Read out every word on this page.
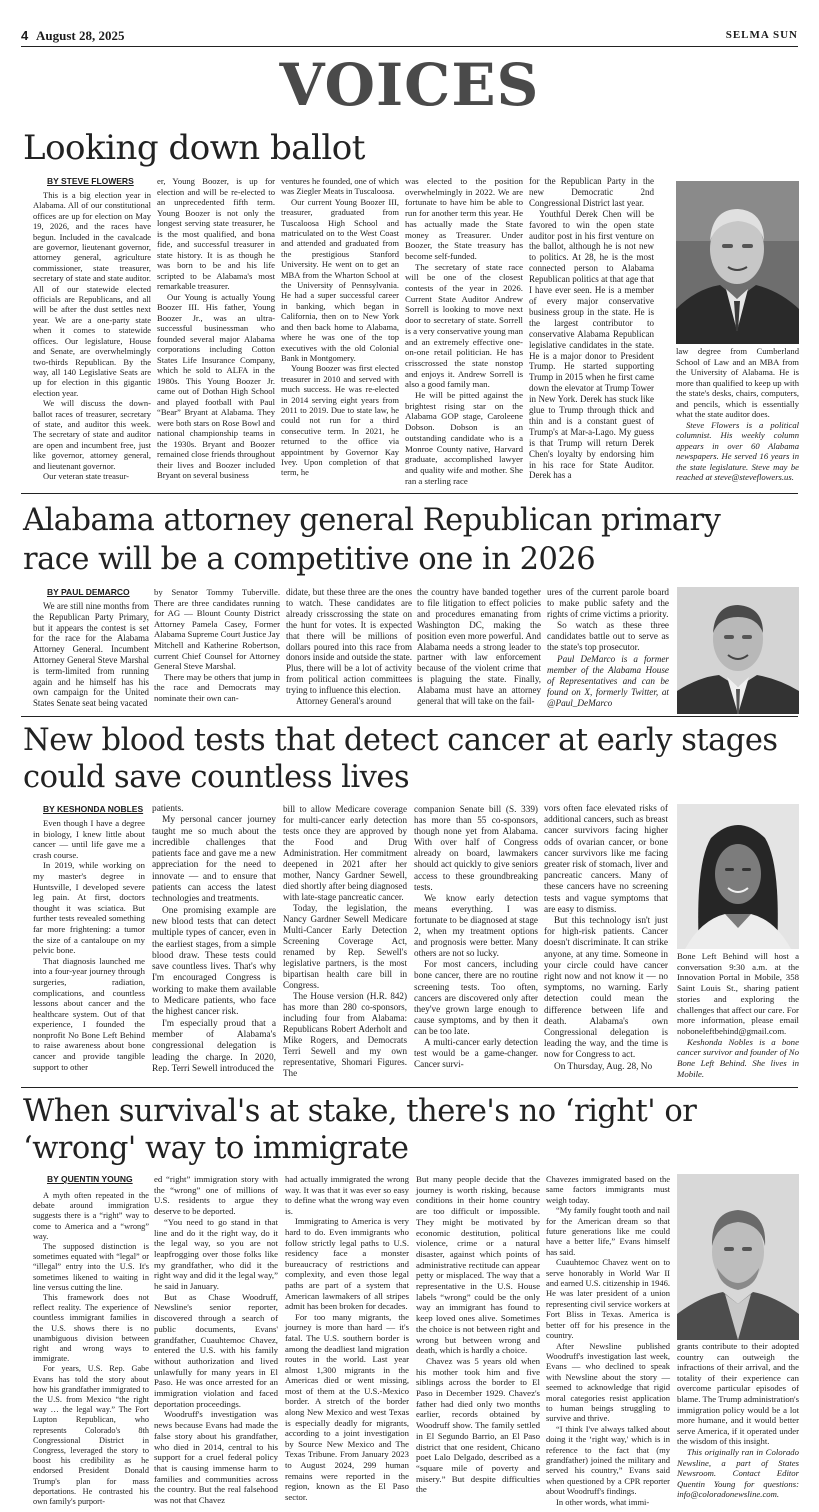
4 August 28, 2025	SELMA SUN
VOICES
Looking down ballot
BY STEVE FLOWERS

This is a big election year in Alabama. All of our constitutional offices are up for election on May 19, 2026, and the races have begun. Included in the cavalcade are governor, lieutenant governor, attorney general, agriculture commissioner, state treasurer, secretary of state and state auditor. All of our statewide elected officials are Republicans, and all will be after the dust settles next year. We are a one-party state when it comes to statewide offices. Our legislature, House and Senate, are overwhelmingly two-thirds Republican. By the way, all 140 Legislative Seats are up for election in this gigantic election year.

We will discuss the down-ballot races of treasurer, secretary of state, and auditor this week. The secretary of state and auditor are open and incumbent free, just like governor, attorney general, and lieutenant governor.

Our veteran state treasur-

er, Young Boozer, is up for election and will be re-elected to an unprecedented fifth term. Young Boozer is not only the longest serving state treasurer, he is the most qualified, and bona fide, and successful treasurer in state history. It is as though he was born to be and his life scripted to be Alabama's most remarkable treasurer.

Our Young is actually Young Boozer III. His father, Young Boozer Jr., was an ultra-successful businessman who founded several major Alabama corporations including Cotton States Life Insurance Company, which he sold to ALFA in the 1980s. This Young Boozer Jr. came out of Dothan High School and played football with Paul “Bear” Bryant at Alabama. They were both stars on Rose Bowl and national championship teams in the 1930s. Bryant and Boozer remained close friends throughout their lives and Boozer included Bryant on several business

ventures he founded, one of which was Ziegler Meats in Tuscaloosa.

Our current Young Boozer III, treasurer, graduated from Tuscaloosa High School and matriculated on to the West Coast and attended and graduated from the prestigious Stanford University. He went on to get an MBA from the Wharton School at the University of Pennsylvania. He had a super successful career in banking, which began in California, then on to New York and then back home to Alabama, where he was one of the top executives with the old Colonial Bank in Montgomery.

Young Boozer was first elected treasurer in 2010 and served with much success. He was re-elected in 2014 serving eight years from 2011 to 2019. Due to state law, he could not run for a third consecutive term. In 2021, he returned to the office via appointment by Governor Kay Ivey. Upon completion of that term, he

was elected to the position overwhelmingly in 2022. We are fortunate to have him be able to run for another term this year. He has actually made the State money as Treasurer. Under Boozer, the State treasury has become self-funded.

The secretary of state race will be one of the closest contests of the year in 2026. Current State Auditor Andrew Sorrell is looking to move next door to secretary of state. Sorrell is a very conservative young man and an extremely effective one-on-one retail politician. He has crisscrossed the state nonstop and enjoys it. Andrew Sorrell is also a good family man.

He will be pitted against the brightest rising star on the Alabama GOP stage, Caroleene Dobson. Dobson is an outstanding candidate who is a Monroe County native, Harvard graduate, accomplished lawyer and quality wife and mother. She ran a sterling race

for the Republican Party in the new Democratic 2nd Congressional District last year.

Youthful Derek Chen will be favored to win the open state auditor post in his first venture on the ballot, although he is not new to politics. At 28, he is the most connected person to Alabama Republican politics at that age that I have ever seen. He is a member of every major conservative business group in the state. He is the largest contributor to conservative Alabama Republican legislative candidates in the state. He is a major donor to President Trump. He started supporting Trump in 2015 when he first came down the elevator at Trump Tower in New York. Derek has stuck like glue to Trump through thick and thin and is a constant guest of Trump's at Mar-a-Lago. My guess is that Trump will return Derek Chen's loyalty by endorsing him in his race for State Auditor. Derek has a

law degree from Cumberland School of Law and an MBA from the University of Alabama. He is more than qualified to keep up with the state's desks, chairs, computers, and pencils, which is essentially what the state auditor does.

Steve Flowers is a political columnist. His weekly column appears in over 60 Alabama newspapers. He served 16 years in the state legislature. Steve may be reached at steve@steveflowers.us.

Alabama attorney general Republican primary race will be a competitive one in 2026
BY PAUL DEMARCO

We are still nine months from the Republican Party Primary, but it appears the contest is set for the race for the Alabama Attorney General. Incumbent Attorney General Steve Marshal is term-limited from running again and he himself has his own campaign for the United States Senate seat being vacated

by Senator Tommy Tuberville. There are three candidates running for AG — Blount County District Attorney Pamela Casey, Former Alabama Supreme Court Justice Jay Mitchell and Katherine Robertson, current Chief Counsel for Attorney General Steve Marshal.

There may be others that jump in the race and Democrats may nominate their own can-

didate, but these three are the ones to watch. These candidates are already crisscrossing the state on the hunt for votes. It is expected that there will be millions of dollars poured into this race from donors inside and outside the state. Plus, there will be a lot of activity from political action committees trying to influence this election.

Attorney General's around

the country have banded together to file litigation to effect policies and procedures emanating from Washington DC, making the position even more powerful. And Alabama needs a strong leader to partner with law enforcement because of the violent crime that is plaguing the state. Finally, Alabama must have an attorney general that will take on the fail-

ures of the current parole board to make public safety and the rights of crime victims a priority.

So watch as these three candidates battle out to serve as the state's top prosecutor.

Paul DeMarco is a former member of the Alabama House of Representatives and can be found on X, formerly Twitter, at @Paul_DeMarco

New blood tests that detect cancer at early stages could save countless lives
BY KESHONDA NOBLES

Even though I have a degree in biology, I knew little about cancer — until life gave me a crash course.

In 2019, while working on my master's degree in Huntsville, I developed severe leg pain. At first, doctors thought it was sciatica. But further tests revealed something far more frightening: a tumor the size of a cantaloupe on my pelvic bone.

That diagnosis launched me into a four-year journey through surgeries, radiation, complications, and countless lessons about cancer and the healthcare system. Out of that experience, I founded the nonprofit No Bone Left Behind to raise awareness about bone cancer and provide tangible support to other

patients.

My personal cancer journey taught me so much about the incredible challenges that patients face and gave me a new appreciation for the need to innovate — and to ensure that patients can access the latest technologies and treatments.

One promising example are new blood tests that can detect multiple types of cancer, even in the earliest stages, from a simple blood draw. These tests could save countless lives. That's why I'm encouraged Congress is working to make them available to Medicare patients, who face the highest cancer risk.

I'm especially proud that a member of Alabama's congressional delegation is leading the charge. In 2020, Rep. Terri Sewell introduced the

bill to allow Medicare coverage for multi-cancer early detection tests once they are approved by the Food and Drug Administration. Her commitment deepened in 2021 after her mother, Nancy Gardner Sewell, died shortly after being diagnosed with late-stage pancreatic cancer.

Today, the legislation, the Nancy Gardner Sewell Medicare Multi-Cancer Early Detection Screening Coverage Act, renamed by Rep. Sewell's legislative partners, is the most bipartisan health care bill in Congress.

The House version (H.R. 842) has more than 280 co-sponsors, including four from Alabama: Republicans Robert Aderholt and Mike Rogers, and Democrats Terri Sewell and my own representative, Shomari Figures. The

companion Senate bill (S. 339) has more than 55 co-sponsors, though none yet from Alabama. With over half of Congress already on board, lawmakers should act quickly to give seniors access to these groundbreaking tests.

We know early detection means everything. I was fortunate to be diagnosed at stage 2, when my treatment options and prognosis were better. Many others are not so lucky.

For most cancers, including bone cancer, there are no routine screening tests. Too often, cancers are discovered only after they've grown large enough to cause symptoms, and by then it can be too late.

A multi-cancer early detection test would be a game-changer. Cancer survi-

vors often face elevated risks of additional cancers, such as breast cancer survivors facing higher odds of ovarian cancer, or bone cancer survivors like me facing greater risk of stomach, liver and pancreatic cancers. Many of these cancers have no screening tests and vague symptoms that are easy to dismiss.

But this technology isn't just for high-risk patients. Cancer doesn't discriminate. It can strike anyone, at any time. Someone in your circle could have cancer right now and not know it — no symptoms, no warning. Early detection could mean the difference between life and death. Alabama's own Congressional delegation is leading the way, and the time is now for Congress to act.

On Thursday, Aug. 28, No

Bone Left Behind will host a conversation 9:30 a.m. at the Innovation Portal in Mobile, 358 Saint Louis St., sharing patient stories and exploring the challenges that affect our care. For more information, please email noboneleftbehind@gmail.com.

Keshonda Nobles is a bone cancer survivor and founder of No Bone Left Behind. She lives in Mobile.

When survival's at stake, there's no ‘right' or ‘wrong' way to immigrate
BY QUENTIN YOUNG

A myth often repeated in the debate around immigration suggests there is a “right” way to come to America and a “wrong” way.

The supposed distinction is sometimes equated with “legal” or “illegal” entry into the U.S. It's sometimes likened to waiting in line versus cutting the line.

This framework does not reflect reality. The experience of countless immigrant families in the U.S. shows there is no unambiguous division between right and wrong ways to immigrate.

For years, U.S. Rep. Gabe Evans has told the story about how his grandfather immigrated to the U.S. from Mexico “the right way … the legal way.” The Fort Lupton Republican, who represents Colorado's 8th Congressional District in Congress, leveraged the story to boost his credibility as he endorsed President Donald Trump's plan for mass deportations. He contrasted his own family's purport-

ed “right” immigration story with the “wrong” one of millions of U.S. residents to argue they deserve to be deported.

“You need to go stand in that line and do it the right way, do it the legal way, so you are not leapfrogging over those folks like my grandfather, who did it the right way and did it the legal way,” he said in January.

But as Chase Woodruff, Newsline's senior reporter, discovered through a search of public documents, Evans' grandfather, Cuauhtemoc Chavez, entered the U.S. with his family without authorization and lived unlawfully for many years in El Paso. He was once arrested for an immigration violation and faced deportation proceedings.

Woodruff's investigation was news because Evans had made the false story about his grandfather, who died in 2014, central to his support for a cruel federal policy that is causing immense harm to families and communities across the country. But the real falsehood was not that Chavez

had actually immigrated the wrong way. It was that it was ever so easy to define what the wrong way even is.

Immigrating to America is very hard to do. Even immigrants who follow strictly legal paths to U.S. residency face a monster bureaucracy of restrictions and complexity, and even those legal paths are part of a system that American lawmakers of all stripes admit has been broken for decades.

For too many migrants, the journey is more than hard — it's fatal. The U.S. southern border is among the deadliest land migration routes in the world. Last year almost 1,300 migrants in the Americas died or went missing, most of them at the U.S.-Mexico border. A stretch of the border along New Mexico and west Texas is especially deadly for migrants, according to a joint investigation by Source New Mexico and The Texas Tribune. From January 2023 to August 2024, 299 human remains were reported in the region, known as the El Paso sector.

But many people decide that the journey is worth risking, because conditions in their home country are too difficult or impossible. They might be motivated by economic destitution, political violence, crime or a natural disaster, against which points of administrative rectitude can appear petty or misplaced. The way that a representative in the U.S. House labels “wrong” could be the only way an immigrant has found to keep loved ones alive. Sometimes the choice is not between right and wrong but between wrong and death, which is hardly a choice.

Chavez was 5 years old when his mother took him and five siblings across the border to El Paso in December 1929. Chavez's father had died only two months earlier, records obtained by Woodruff show. The family settled in El Segundo Barrio, an El Paso district that one resident, Chicano poet Lalo Delgado, described as a “square mile of poverty and misery.” But despite difficulties the

Chavezes immigrated based on the same factors immigrants must weigh today.

“My family fought tooth and nail for the American dream so that future generations like me could have a better life,” Evans himself has said.

Cuauhtemoc Chavez went on to serve honorably in World War II and earned U.S. citizenship in 1946. He was later president of a union representing civil service workers at Fort Bliss in Texas. America is better off for his presence in the country.

After Newsline published Woodruff's investigation last week, Evans — who declined to speak with Newsline about the story — seemed to acknowledge that rigid moral categories resist application to human beings struggling to survive and thrive.

“I think I've always talked about doing it the ‘right way,' which is in reference to the fact that (my grandfather) joined the military and served his country,” Evans said when questioned by a CPR reporter about Woodruff's findings.

In other words, what immi-

grants contribute to their adopted country can outweigh the infractions of their arrival, and the totality of their experience can overcome particular episodes of blame. The Trump administration's immigration policy would be a lot more humane, and it would better serve America, if it operated under the wisdom of this insight.

This originally ran in Colorado Newsline, a part of States Newsroom. Contact Editor Quentin Young for questions: info@coloradonewsline.com.
